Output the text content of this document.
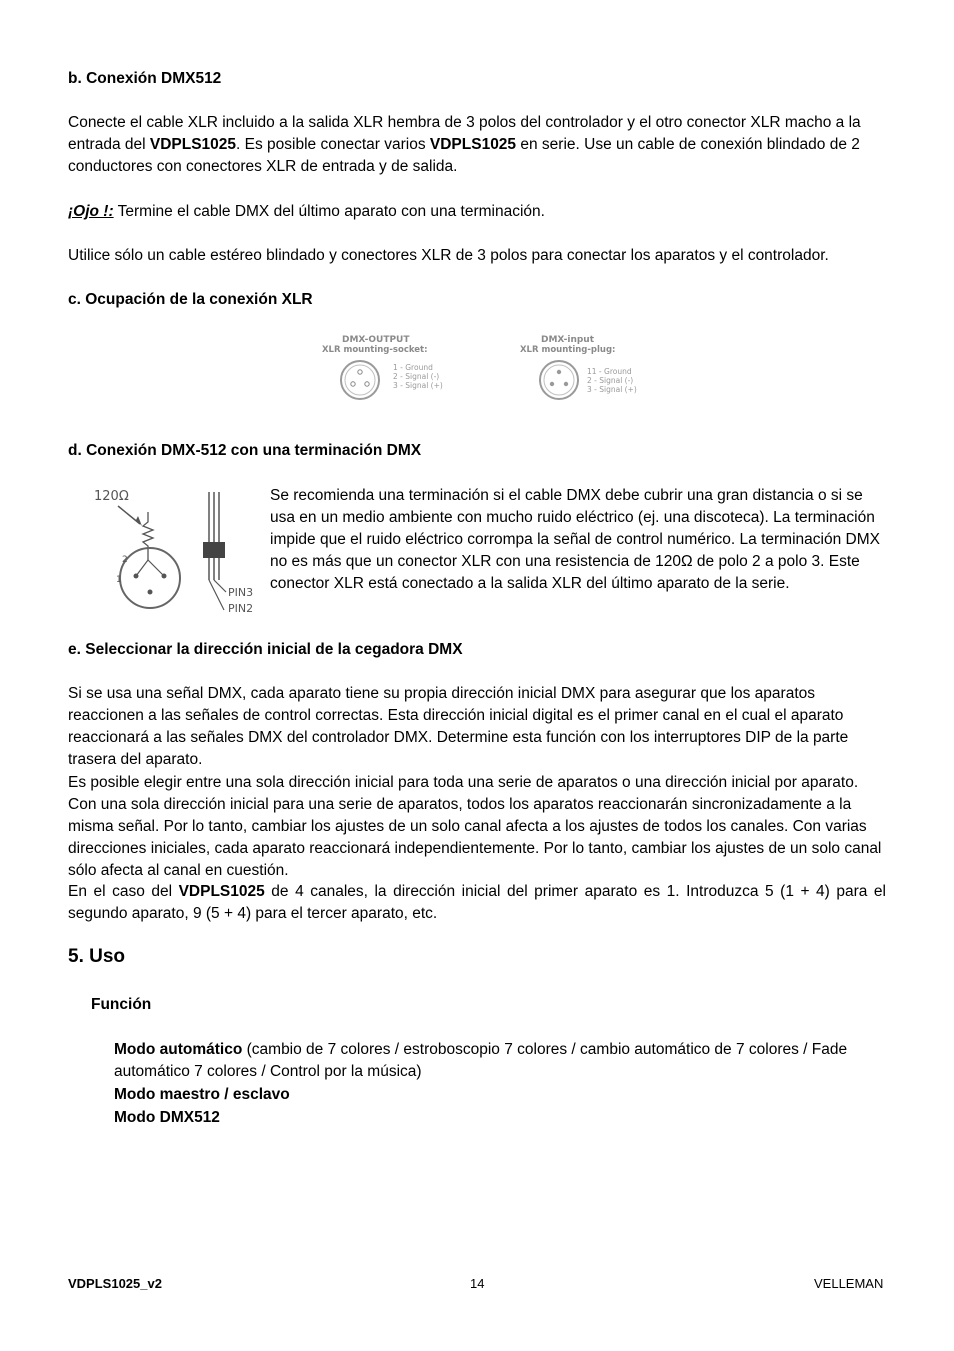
b. Conexión DMX512
Conecte el cable XLR incluido a la salida XLR hembra de 3 polos del controlador y el otro conector XLR macho a la entrada del VDPLS1025. Es posible conectar varios VDPLS1025 en serie. Use un cable de conexión blindado de 2 conductores con conectores XLR de entrada y de salida.
¡Ojo !: Termine el cable DMX del último aparato con una terminación.
Utilice sólo un cable estéreo blindado y conectores XLR de 3 polos para conectar los aparatos y el controlador.
c. Ocupación de la conexión XLR
DMX-OUTPUT
XLR mounting-socket:
1 - Ground
2 - Signal (-)
3 - Signal (+)
DMX-input
XLR mounting-plug:
11 - Ground
2 - Signal (-)
3 - Signal (+)
d. Conexión DMX-512 con una terminación DMX
120Ω
2
1
PIN3
PIN2
Se recomienda una terminación si el cable DMX debe cubrir una gran distancia o si se usa en un medio ambiente con mucho ruido eléctrico (ej. una discoteca). La terminación impide que el ruido eléctrico corrompa la señal de control numérico. La terminación DMX no es más que un conector XLR con una resistencia de 120Ω de polo 2 a polo 3. Este conector XLR está conectado a la salida XLR del último aparato de la serie.
e. Seleccionar la dirección inicial de la cegadora DMX
Si se usa una señal DMX, cada aparato tiene su propia dirección inicial DMX para asegurar que los aparatos reaccionen a las señales de control correctas. Esta dirección inicial digital es el primer canal en el cual el aparato reaccionará a las señales DMX del controlador DMX. Determine esta función con los interruptores DIP de la parte trasera del aparato.
Es posible elegir entre una sola dirección inicial para toda una serie de aparatos o una dirección inicial por aparato. Con una sola dirección inicial para una serie de aparatos, todos los aparatos reaccionarán sincronizadamente a la misma señal. Por lo tanto, cambiar los ajustes de un solo canal afecta a los ajustes de todos los canales. Con varias direcciones iniciales, cada aparato reaccionará independientemente. Por lo tanto, cambiar los ajustes de un solo canal sólo afecta al canal en cuestión.
En el caso del VDPLS1025 de 4 canales, la dirección inicial del primer aparato es 1. Introduzca 5 (1 + 4) para el segundo aparato, 9 (5 + 4) para el tercer aparato, etc.
5. Uso
Función
Modo automático (cambio de 7 colores / estroboscopio 7 colores / cambio automático de 7 colores / Fade automático 7 colores / Control por la música)
Modo maestro / esclavo
Modo DMX512
VDPLS1025_v2	14	VELLEMAN
